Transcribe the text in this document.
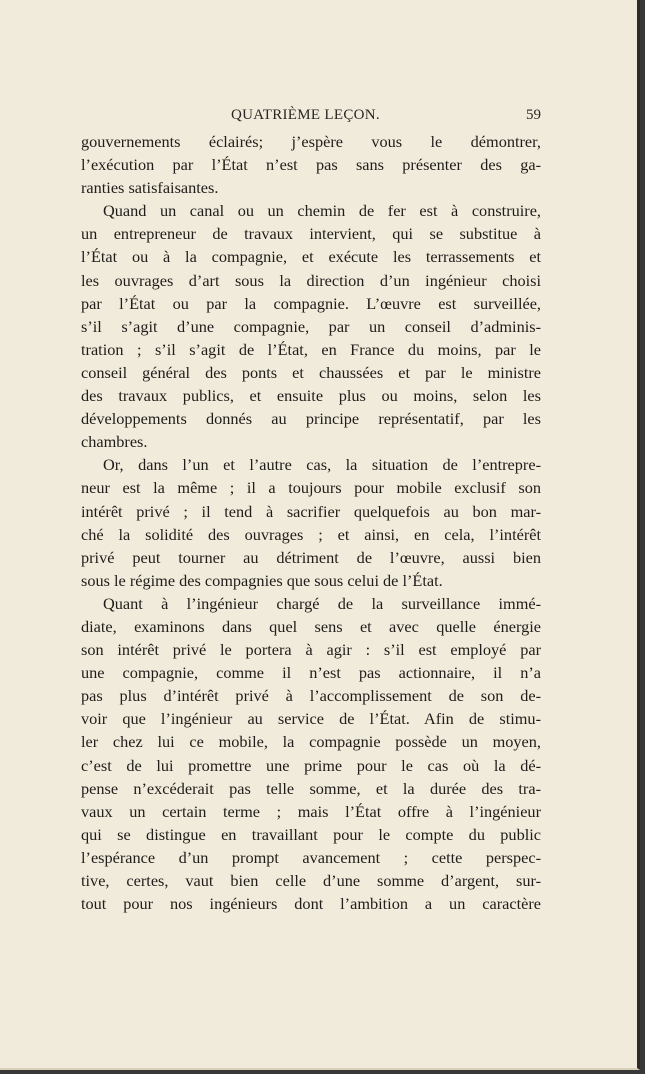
QUATRIÈME LEÇON.	59
gouvernements éclairés; j’espère vous le démontrer,
l’exécution par l’État n’est pas sans présenter des ga-
ranties satisfaisantes.
Quand un canal ou un chemin de fer est à construire,
un entrepreneur de travaux intervient, qui se substitue à
l’État ou à la compagnie, et exécute les terrassements et
les ouvrages d’art sous la direction d’un ingénieur choisi
par l’État ou par la compagnie. L’œuvre est surveillée,
s’il s’agit d’une compagnie, par un conseil d’adminis-
tration ; s’il s’agit de l’État, en France du moins, par le
conseil général des ponts et chaussées et par le ministre
des travaux publics, et ensuite plus ou moins, selon les
développements donnés au principe représentatif, par les
chambres.
Or, dans l’un et l’autre cas, la situation de l’entrepre-
neur est la même ; il a toujours pour mobile exclusif son
intérêt privé ; il tend à sacrifier quelquefois au bon mar-
ché la solidité des ouvrages ; et ainsi, en cela, l’intérêt
privé peut tourner au détriment de l’œuvre, aussi bien
sous le régime des compagnies que sous celui de l’État.
Quant à l’ingénieur chargé de la surveillance immé-
diate, examinons dans quel sens et avec quelle énergie
son intérêt privé le portera à agir : s’il est employé par
une compagnie, comme il n’est pas actionnaire, il n’a
pas plus d’intérêt privé à l’accomplissement de son de-
voir que l’ingénieur au service de l’État. Afin de stimu-
ler chez lui ce mobile, la compagnie possède un moyen,
c’est de lui promettre une prime pour le cas où la dé-
pense n’excéderait pas telle somme, et la durée des tra-
vaux un certain terme ; mais l’État offre à l’ingénieur
qui se distingue en travaillant pour le compte du public
l’espérance d’un prompt avancement ; cette perspec-
tive, certes, vaut bien celle d’une somme d’argent, sur-
tout pour nos ingénieurs dont l’ambition a un caractère
